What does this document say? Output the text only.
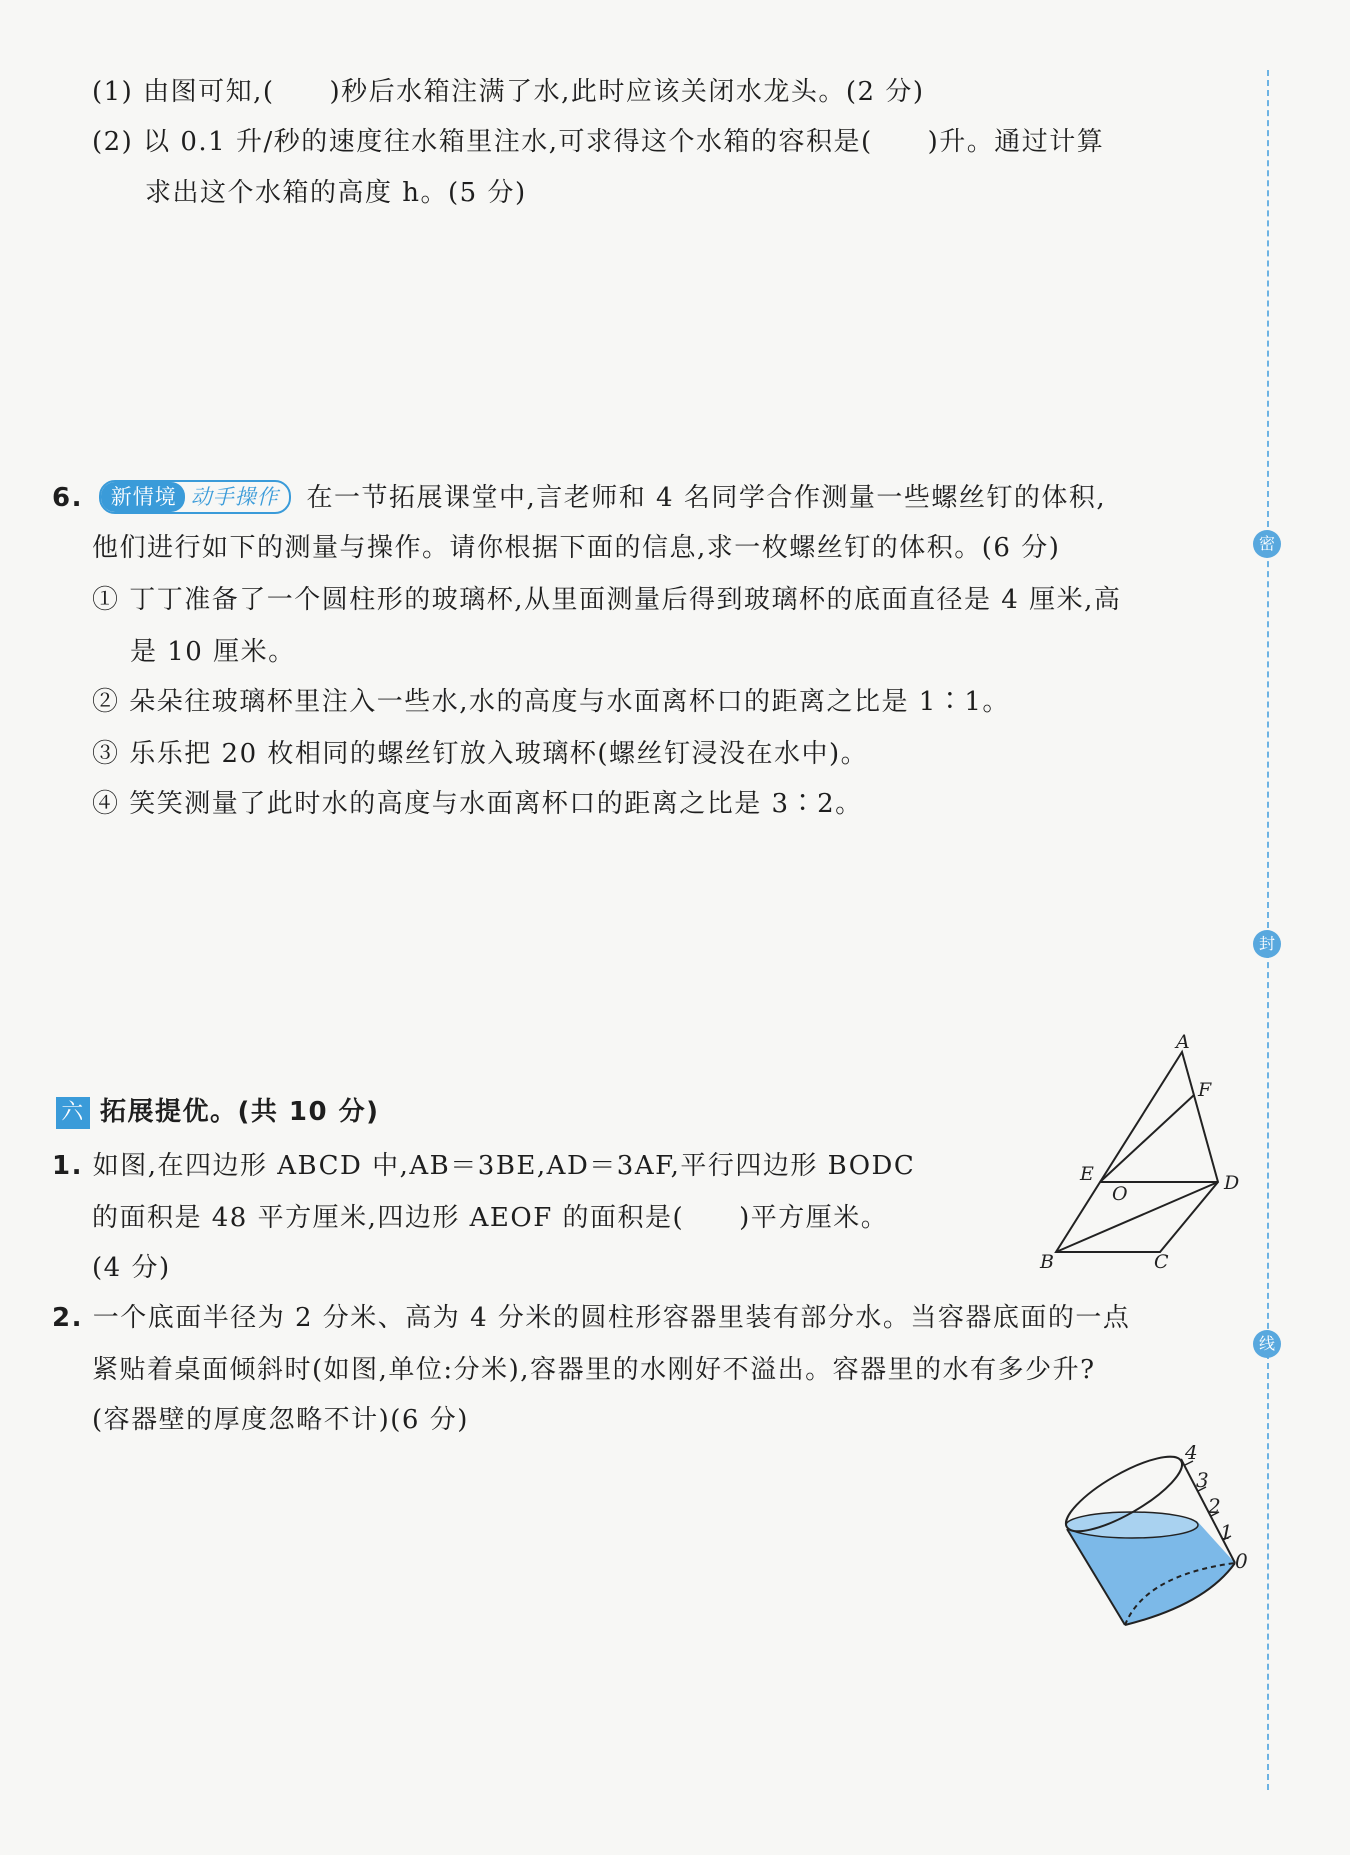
密
封
线
(1) 由图可知,(　　)秒后水箱注满了水,此时应该关闭水龙头。(2 分)
(2) 以 0.1 升/秒的速度往水箱里注水,可求得这个水箱的容积是(　　)升。通过计算
求出这个水箱的高度 h。(5 分)
6. 新情境 动手操作 在一节拓展课堂中,言老师和 4 名同学合作测量一些螺丝钉的体积,
他们进行如下的测量与操作。请你根据下面的信息,求一枚螺丝钉的体积。(6 分)
① 丁丁准备了一个圆柱形的玻璃杯,从里面测量后得到玻璃杯的底面直径是 4 厘米,高
是 10 厘米。
② 朵朵往玻璃杯里注入一些水,水的高度与水面离杯口的距离之比是 1∶1。
③ 乐乐把 20 枚相同的螺丝钉放入玻璃杯(螺丝钉浸没在水中)。
④ 笑笑测量了此时水的高度与水面离杯口的距离之比是 3∶2。
六 拓展提优。(共 10 分)
1. 如图,在四边形 ABCD 中,AB＝3BE,AD＝3AF,平行四边形 BODC
的面积是 48 平方厘米,四边形 AEOF 的面积是(　　)平方厘米。
(4 分)
A
F
E
O	D
B	C
2. 一个底面半径为 2 分米、高为 4 分米的圆柱形容器里装有部分水。当容器底面的一点
紧贴着桌面倾斜时(如图,单位:分米),容器里的水刚好不溢出。容器里的水有多少升?
(容器壁的厚度忽略不计)(6 分)
4
3
2
1
0
